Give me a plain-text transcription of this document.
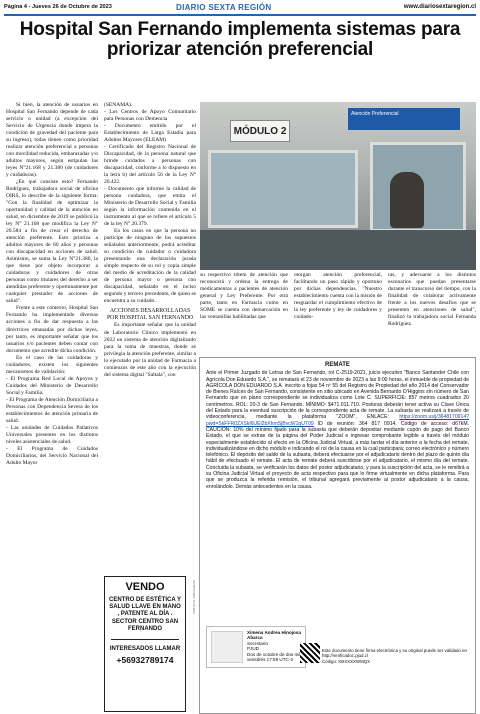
Página 4 - Jueves 26 de Octubre de 2023	DIARIO SEXTA REGIÓN	www.diariosextaregion.cl
Hospital San Fernando implementa sistemas para priorizar atención preferencial

Si bien, la atención de usuarios en Hospital San Fernando depende de cada servicio o unidad (a excepción del Servicio de Urgencia donde impera la condición de gravedad del paciente para su ingreso), todas tienen como prioridad realizar atención preferencial a personas con movilidad reducida, embarazadas y/o adultos mayores, según estipulan las leyes N°21.168 y 21.380 (de cuidadores y cuidadoras).

¿En qué consiste esto? Fernando Rodríguez, trabajadora social de oficina OIRS, lo describe de la siguiente forma: "Con la finalidad de optimizar la oportunidad y calidad de la atención en salud, en diciembre de 2019 se publicó la ley N° 21.168 que modifica la Ley N° 20.584 a fin de crear el derecho de atención preferente. Esto prioriza a adultos mayores de 60 años y personas con discapacidad en acciones de salud. Asimismo, se suma la Ley N°21.380, la que tiene por objeto incorporar a cuidadoras y cuidadores de otras personas como titulares del derecho a ser atendidas preferente y oportunamente por cualquier prestador de acciones de salud".

Frente a este contexto, Hospital San Fernando ha implementado diversas acciones a fin de dar respuesta a las directrices emanadas por dichas leyes, por tanto, es importante señalar que los usuarios y/o pacientes deben contar con documento que acredite dicha condición.

En el caso de las cuidadoras y cuidadores, existen los siguientes mecanismos de validación:

- El Programa Red Local de Apoyos y Cuidados del Ministerio de Desarrollo Social y Familia.

- El Programa de Atención Domiciliaria a Personas con Dependencia Severa de los establecimientos de atención primaria de salud.

- Las unidades de Cuidados Paliativos Universales presentes en los distintos niveles asistenciales de salud.

- El Programa de Cuidados Domiciliarios, del Servicio Nacional del Adulto Mayor

(SENAMA).

- Los Centros de Apoyo Comunitario para Personas con Demencia

- Documento emitido por el Establecimiento de Larga Estadía para Adultos Mayores (ELEAM)

- Certificado del Registro Nacional de Discapacidad, de la persona natural que brinde cuidados a personas con discapacidad, conforme a lo dispuesto en la letra b) del artículo 56 de la Ley N° 20.422.

- Documento que informe la calidad de persona cuidadora, que emita el Ministerio de Desarrollo Social y Familia según la información contenida en el instrumento al que se refiere el artículo 5 de la ley N° 20.379.

En los casos en que la persona no participe de ninguno de los supuestos señalados anteriormente, podrá acreditar su condición de cuidador o cuidadora presentando una declaración jurada simple respecto de su rol y copia simple del medio de acreditación de la calidad de persona mayor o persona con discapacidad, señalado en el inciso segundo y tercero precedente, de quien se encuentra a su cuidado.

ACCIONES DESARROLLADAS POR HOSPITAL SAN FERNANDO

Es importante señalar que la unidad de Laboratorio Clínico implementó en 2022 un sistema de atención digitalizado para la toma de muestras, donde se privilegia la atención preferente, similar a lo ejecutado por la unidad de Farmacia a comienzos de este año con la ejecución del sistema digital "Saltala", con

MÓDULO 2
Atención Preferencial
su respectivo tótem de atención que reconocerá y ordena la entrega de medicamentos a pacientes de atención general y Ley Preferente. Por otra parte, tanto en Farmacia como en SOME se cuenta con demarcación en las ventanillas habilitadas que
otorgan atención preferencial, facilitando un paso rápido y oportuno por dichas dependencias. "Nuestro establecimiento cuenta con la misión de resguardar el cumplimiento efectivo de la ley preferente y ley de cuidadores y cuidado-
ras, y adecuarse a los distintos escenarios que puedan presentarse durante el transcurso del tiempo, con la finalidad de colaborar activamente frente a los nuevos desafíos que se presenten en atenciones de salud", finalizó la trabajadora social Fernanda Rodríguez.
REMATE
Ante el Primer Juzgado de Letras de San Fernando, rol C-2519-2021, juicio ejecutivo "Banco Santander Chile con Agrícola Don Eduardo S.A.", se rematará el 23 de noviembre de 2023 a las 9:00 horas, el inmueble de propiedad de AGRÍCOLA DON EDUARDO S.A. inscrito a fojas 54 nº 55 del Registro de Propiedad del año 2014 del Conservador de Bienes Raíces de San Fernando, consistente en sitio ubicado en Avenida Bernardo O'Higgins sin número de San Fernando que en plano correspondiente se individualiza como Lote C. SUPERFICIE: 857 metros cuadrados 20 centímetros. ROL: 20-3 de San Fernando. MÍNIMO: $471.011.710. Posturas deberán tener activa su Clave Única del Estado para la eventual suscripción de la correspondiente acta de remate. La subasta se realizará a través de videoconferencia, mediante la plataforma "ZOOM", ENLACE: https://zoom.us/j/3648170914?pwd=SkFFR0ZXSkl6UEl2bXhmSjBvcW1qUT09 ID de reunión: 364 817 0914. Código de acceso: d67kM. CAUCIÓN: 10% del mínimo fijado para la subasta que deberán depositar mediante cupón de pago del Banco Estado, el que se extrae de la página del Poder Judicial e ingresar comprobante legible a través del módulo especialmente establecido al efecto en la Oficina Judicial Virtual, a más tardar el día anterior a la fecha del remate, individualizándose en dicho módulo e indicando el rol de la causa en la cual participará; correo electrónico y número telefónico. El depósito del saldo de la subasta, deberá efectuarse por el adjudicatario dentro del plazo de quinto día hábil de efectuado el remate. El acta de remate deberá suscribirse por el adjudicatario, el mismo día del remate. Concluida la subasta, se verificarán los datos del postor adjudicatario, y para la suscripción del acta, se le remitirá a su Oficina Judicial Virtual el proyecto de acta respectivo para que lo firme virtualmente en dicha plataforma. Para que se produzca la referida remisión, el tribunal agregará previamente al postor adjudicatario a la causa, enrolándolo. Demás antecedentes en la causa.
Ximena Andrea Hinojosa Abarca
Secretario
PJUD
Dos de octubre de dos mil veintitrés 17:59 UTC-3
Este documento tiene firma electrónica y su original puede ser validado en http://verificadoc.pjud.cl
Código: KBXXXXWMQX
VENDO
CENTRO DE ESTÉTICA Y SALUD LLAVE EN MANO , PATENTE AL DÍA . SECTOR CENTRO SAN FERNANDO
INTERESADOS LLAMAR
+56932789174
NOTIFICADO: 25-10-2023
